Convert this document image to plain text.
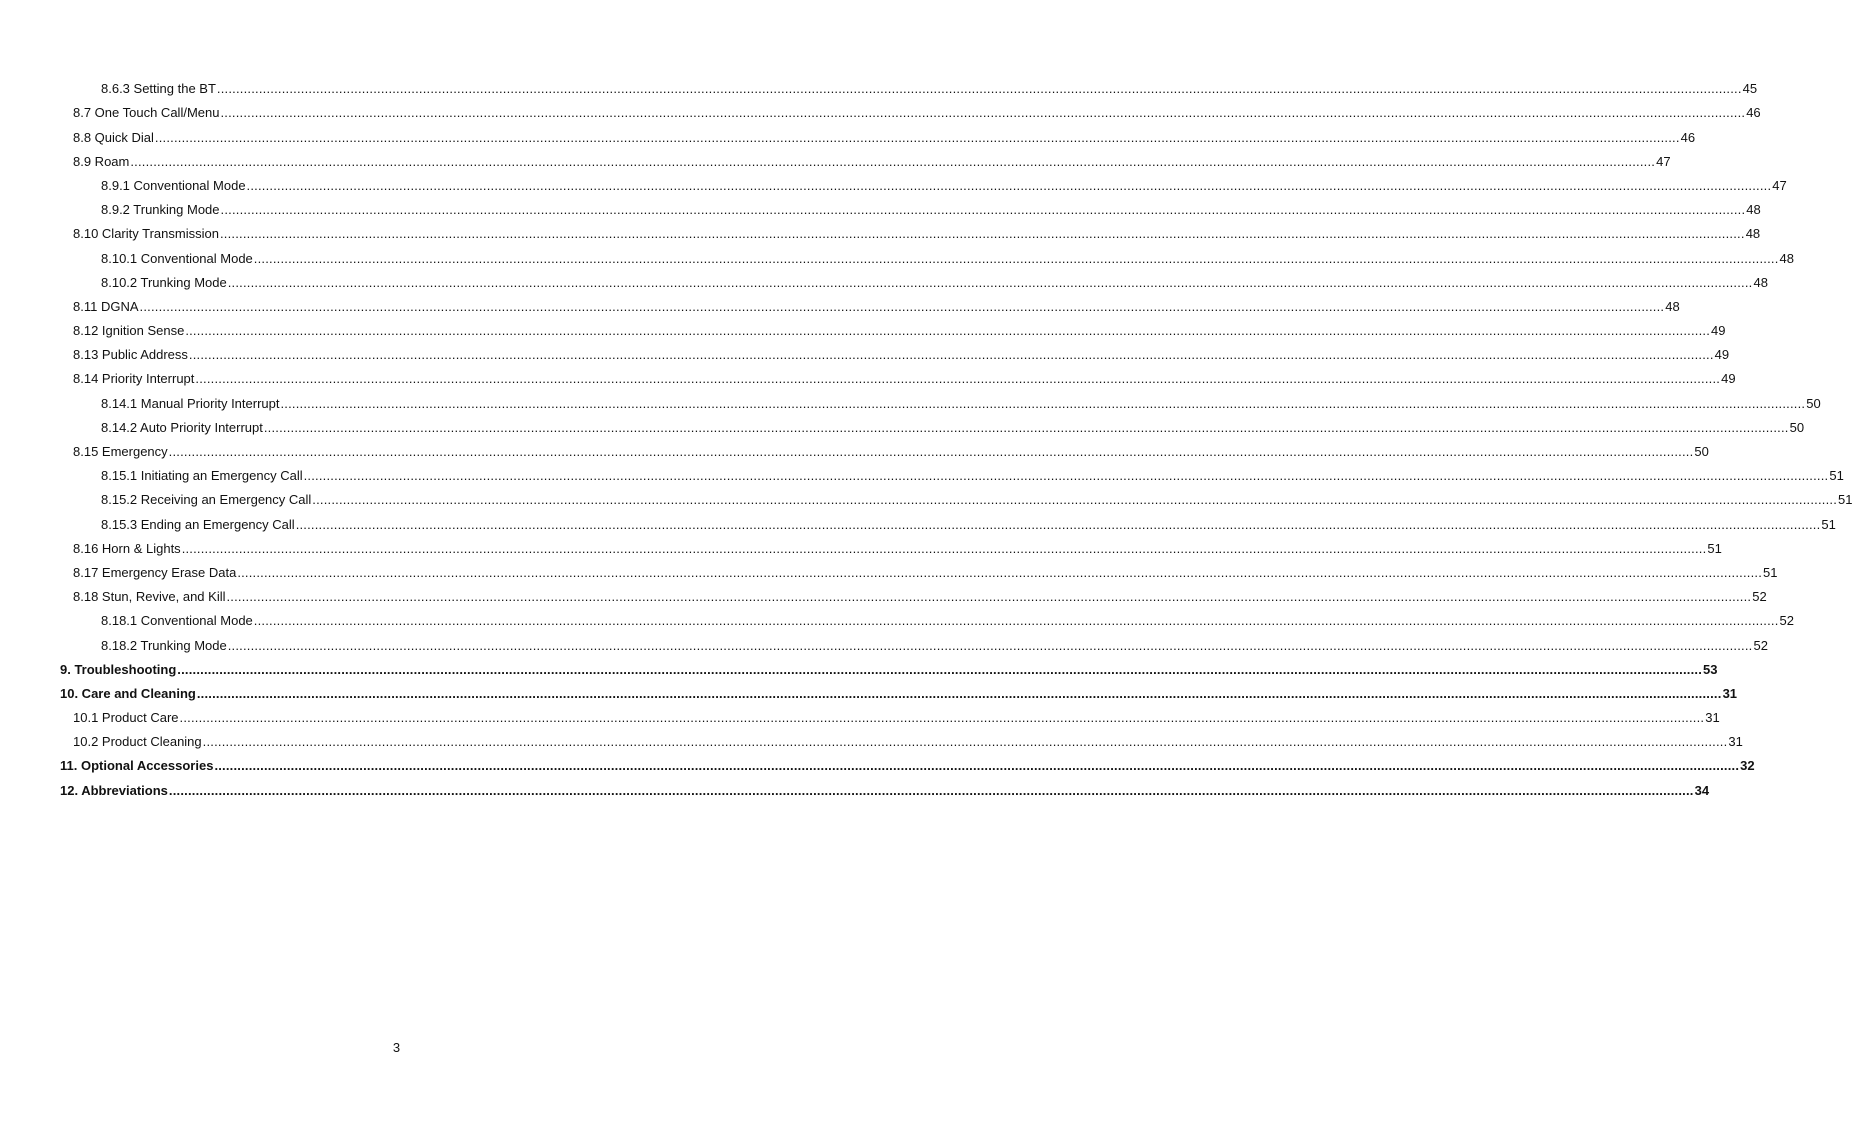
8.6.3 Setting the BT ................................................................................................................................................................................................................................................................................................................................................................................................................ 45
8.7 One Touch Call/Menu ................................................................................................................................................................................................................................................................................................................................................................................................................ 46
8.8 Quick Dial ................................................................................................................................................................................................................................................................................................................................................................................................................ 46
8.9 Roam ................................................................................................................................................................................................................................................................................................................................................................................................................ 47
8.9.1 Conventional Mode ................................................................................................................................................................................................................................................................................................................................................................................................................ 47
8.9.2 Trunking Mode ................................................................................................................................................................................................................................................................................................................................................................................................................ 48
8.10 Clarity Transmission ................................................................................................................................................................................................................................................................................................................................................................................................................ 48
8.10.1 Conventional Mode ................................................................................................................................................................................................................................................................................................................................................................................................................ 48
8.10.2 Trunking Mode ................................................................................................................................................................................................................................................................................................................................................................................................................ 48
8.11 DGNA ................................................................................................................................................................................................................................................................................................................................................................................................................ 48
8.12 Ignition Sense ................................................................................................................................................................................................................................................................................................................................................................................................................ 49
8.13 Public Address ................................................................................................................................................................................................................................................................................................................................................................................................................ 49
8.14 Priority Interrupt ................................................................................................................................................................................................................................................................................................................................................................................................................ 49
8.14.1 Manual Priority Interrupt ................................................................................................................................................................................................................................................................................................................................................................................................................ 50
8.14.2 Auto Priority Interrupt ................................................................................................................................................................................................................................................................................................................................................................................................................ 50
8.15 Emergency ................................................................................................................................................................................................................................................................................................................................................................................................................ 50
8.15.1 Initiating an Emergency Call ................................................................................................................................................................................................................................................................................................................................................................................................................ 51
8.15.2 Receiving an Emergency Call ................................................................................................................................................................................................................................................................................................................................................................................................................ 51
8.15.3 Ending an Emergency Call ................................................................................................................................................................................................................................................................................................................................................................................................................ 51
8.16 Horn & Lights ................................................................................................................................................................................................................................................................................................................................................................................................................ 51
8.17 Emergency Erase Data ................................................................................................................................................................................................................................................................................................................................................................................................................ 51
8.18 Stun, Revive, and Kill ................................................................................................................................................................................................................................................................................................................................................................................................................ 52
8.18.1 Conventional Mode ................................................................................................................................................................................................................................................................................................................................................................................................................ 52
8.18.2 Trunking Mode ................................................................................................................................................................................................................................................................................................................................................................................................................ 52
9. Troubleshooting ................................................................................................................................................................................................................................................................................................................................................................................................................ 53
10. Care and Cleaning ................................................................................................................................................................................................................................................................................................................................................................................................................ 31
10.1 Product Care ................................................................................................................................................................................................................................................................................................................................................................................................................ 31
10.2 Product Cleaning ................................................................................................................................................................................................................................................................................................................................................................................................................ 31
11. Optional Accessories ................................................................................................................................................................................................................................................................................................................................................................................................................ 32
12. Abbreviations ................................................................................................................................................................................................................................................................................................................................................................................................................ 34
3
